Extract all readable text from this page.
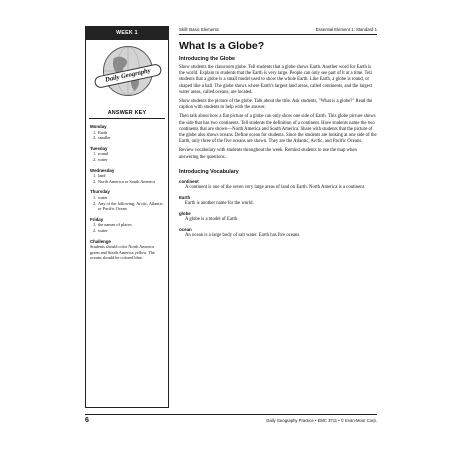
WEEK 1
Daily Geography
ANSWER KEY
Monday
1. Earth
2. smaller
Tuesday
1. round
2. water
Wednesday
1. land
2. North America or South America
Thursday
1. water
2. Any of the following: Arctic, Atlantic, or Pacific Ocean
Friday
1. the names of places
2. water
Challenge
Students should color North America green and South America yellow. The oceans should be colored blue.
Skill: Basic Elements	Essential Element 1: Standard 1
What Is a Globe?
Introducing the Globe

Show students the classroom globe. Tell students that a globe shows Earth. Another word for Earth is the world. Explain to students that the Earth is very large. People can only see part of it at a time. Tell students that a globe is a small model used to show the whole Earth. Like Earth, a globe is round, or shaped like a ball. The globe shows where Earth's largest land areas, called continents, and the largest water areas, called oceans, are located.

Show students the picture of the globe. Talk about the title. Ask students, "What is a globe?" Read the caption with students to help with the answer.

Then talk about how a flat picture of a globe can only show one side of Earth. This globe picture shows the side that has two continents. Tell students the definition of a continent. Have students name the two continents that are shown—North America and South America. Share with students that the picture of the globe also shows oceans. Define ocean for students. Since the students are looking at one side of the Earth, only three of the five oceans are shown. They are the Atlantic, Arctic, and Pacific Oceans.

Review vocabulary with students throughout the week. Remind students to use the map when answering the questions.

Introducing Vocabulary
continent
A continent is one of the seven very large areas of land on Earth. North America is a continent.
Earth
Earth is another name for the world.
globe
A globe is a model of Earth.
ocean
An ocean is a large body of salt water. Earth has five oceans.
6	Daily Geography Practice • EMC 3711 • © Evan-Moor Corp.
